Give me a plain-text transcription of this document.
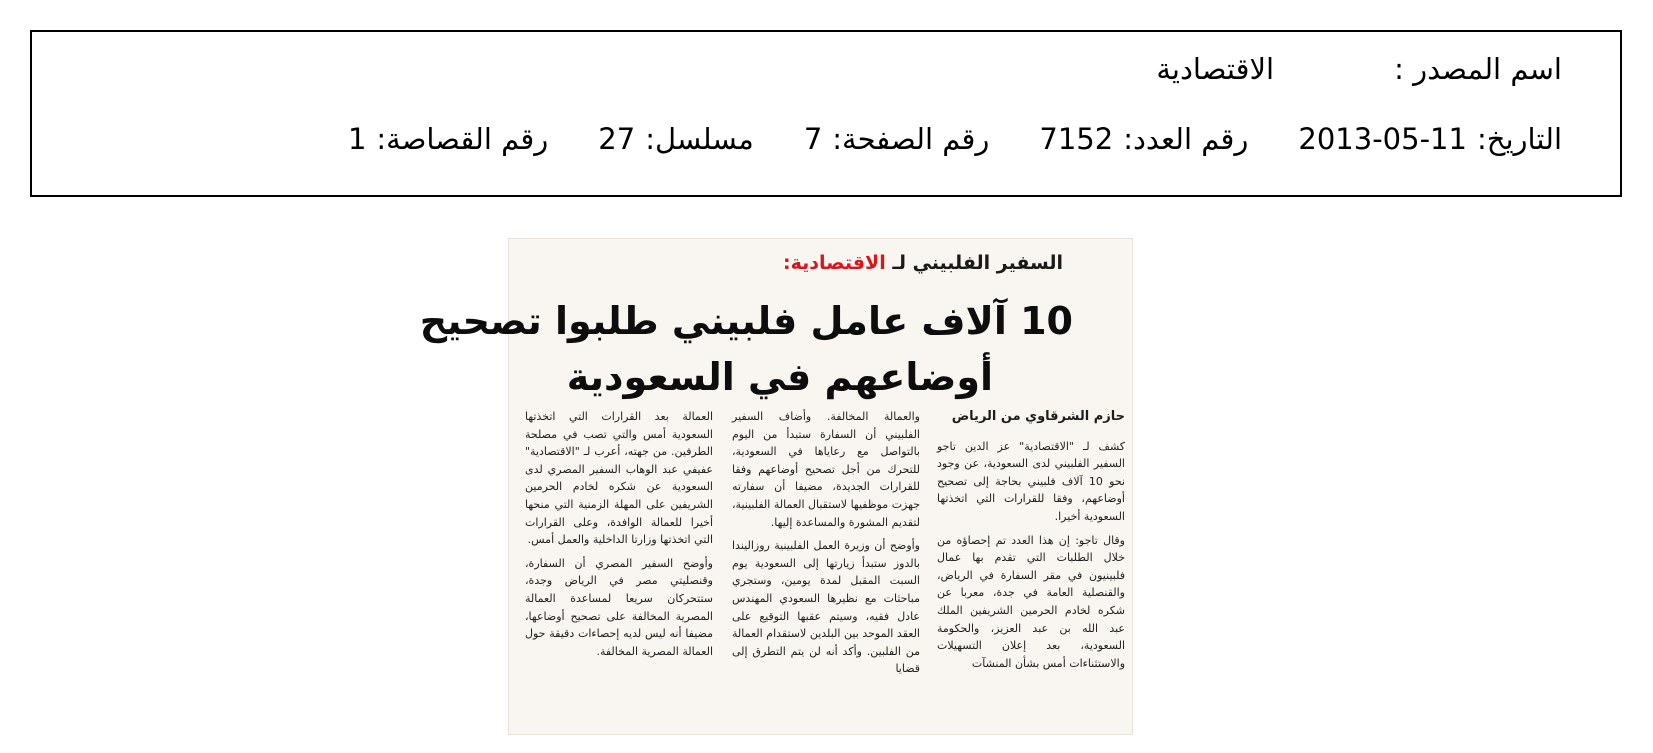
اسم المصدر :
الاقتصادية
التاريخ:
2013-05-11
رقم العدد:
7152
رقم الصفحة:
7
مسلسل:
27
رقم القصاصة:
1
السفير الفلبيني لـ الاقتصادية:
10 آلاف عامل فلبيني طلبوا تصحيح
أوضاعهم في السعودية
حازم الشرقاوي من الرياض

كشف لـ "الاقتصادية" عز الدين تاجو السفير الفلبيني لدى السعودية، عن وجود نحو 10 آلاف فلبيني بحاجة إلى تصحيح أوضاعهم، وفقا للقرارات التي اتخذتها السعودية أخيرا.

وقال تاجو: إن هذا العدد تم إحصاؤه من خلال الطلبات التي تقدم بها عمال فلبينيون في مقر السفارة في الرياض، والقنصلية العامة في جدة، معربا عن شكره لخادم الحرمين الشريفين الملك عبد الله بن عبد العزيز، والحكومة السعودية، بعد إعلان التسهيلات والاستثناءات أمس بشأن المنشآت

والعمالة المخالفة. وأضاف السفير الفلبيني أن السفارة ستبدأ من اليوم بالتواصل مع رعاياها في السعودية، للتحرك من أجل تصحيح أوضاعهم وفقا للقرارات الجديدة، مضيفا أن سفارته جهزت موظفيها لاستقبال العمالة الفلبينية، لتقديم المشورة والمساعدة إليها.

وأوضح أن وزيرة العمل الفلبينية روزاليندا بالدوز ستبدأ زيارتها إلى السعودية يوم السبت المقبل لمدة يومين، وستجري مباحثات مع نظيرها السعودي المهندس عادل فقيه، وسيتم عقبها التوقيع على العقد الموحد بين البلدين لاستقدام العمالة من الفلبين. وأكد أنه لن يتم التطرق إلى قضايا

العمالة بعد القرارات التي اتخذتها السعودية أمس والتي تصب في مصلحة الطرفين. من جهته، أعرب لـ "الاقتصادية" عفيفي عبد الوهاب السفير المصري لدى السعودية عن شكره لخادم الحرمين الشريفين على المهلة الزمنية التي منحها أخيرا للعمالة الوافدة، وعلى القرارات التي اتخذتها وزارتا الداخلية والعمل أمس.

وأوضح السفير المصري أن السفارة، وقنصليتي مصر في الرياض وجدة، ستتحركان سريعا لمساعدة العمالة المصرية المخالفة على تصحيح أوضاعها، مضيفا أنه ليس لديه إحصاءات دقيقة حول العمالة المصرية المخالفة.
